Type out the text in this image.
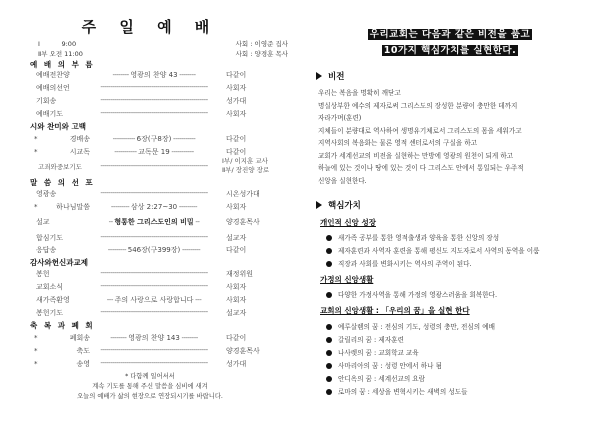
주 일 예 배
Ⅰ　　　 9:00	사회 : 이영준 집사
Ⅱ부 오전 11:00	사회 : 양경훈 목사
예 배 의 부 름
예배전찬양	-------- 영광의 찬양 43 --------	다같이
예배의선언	-----------------------------------------------------	사회자
기회송	-----------------------------------------------------	성가대
예배기도	-----------------------------------------------------	사회자
시와 찬미와 고백
* 경배송	----------- 6장(구8장) -----------	다같이
* 시교독	----------- 교독문 19 -----------	다같이
고죄와중보기도	-----------------------------------------------------
Ⅰ부/ 이지훈 교사
Ⅱ부/ 장진양 장로
말 씀 의 선 포
영광송	-----------------------------------------------------	시온성가대
* 하나님말씀	--------- 삼상 2:27~30 ---------	사회자
설교	-- 형통한 그리스도인의 비밀 --	양경훈목사
합심기도	-----------------------------------------------------	설교자
응답송	--------- 546장(구399장) ---------	다같이
감사와헌신과교제
봉헌	-----------------------------------------------------	재정위원
교회소식	-----------------------------------------------------	사회자
새가족환영	--- 주의 사랑으로 사랑합니다 ---	사회자
봉헌기도	-----------------------------------------------------	설교자
축 복 과 폐 회
* 폐회송	-------- 영광의 찬양 143 --------	다같이
* 축도 -----------------------------------------------------	양경훈목사
* 송영 -----------------------------------------------------	성가대
* 다함께 일어서서
계속 기도를 통해 주신 말씀을 심비에 새겨
오늘의 예배가 삶의 현장으로 연장되시기를 바랍니다.
우리교회는 다음과 같은 비전을 품고
10가지 핵심가치를 실현한다.
비전
우리는 복음을 명확히 깨닫고
명실상부한 예수의 제자로써 그리스도의 장성한 분량이 충만한 데까지
자라가며(훈련)
지체들이 분량대로 역사하여 생명유기체로서 그리스도의 몸을 세워가고
지역사회의 복음화는 물론 영적 센터로서의 구실을 하고
교회가 세계선교의 비전을 실현하는 만방에 영광의 원천이 되게 하고
하늘에 있는 것이나 땅에 있는 것이 다 그리스도 안에서 통일되는 우주적
신앙을 실현한다.
핵심가치
개인적 신앙 성장
새가족 공부를 통한 영적출생과 양육을 통한 신앙의 장성
제자훈련과 사역자 훈련을 통해 평신도 지도자로서 사역의 동역을 이룸
직장과 사회를 변화시키는 역사의 주역이 된다.
가정의 신앙생활
다양한 가정사역을 통해 가정의 영광스러움을 회복한다.
교회의 신앙생활 : 「우리의 꿈」을 실현 한다
예루살렘의 꿈 : 전심의 기도, 성령의 충만, 전심의 예배
갈릴리의 꿈 : 제자훈련
나사렛의 꿈 : 교회학교 교육
사마리아의 꿈 : 성령 안에서 하나 됨
안디옥의 꿈 : 세계선교의 요람
로마의 꿈 : 세상을 변혁시키는 새벽의 성도들
